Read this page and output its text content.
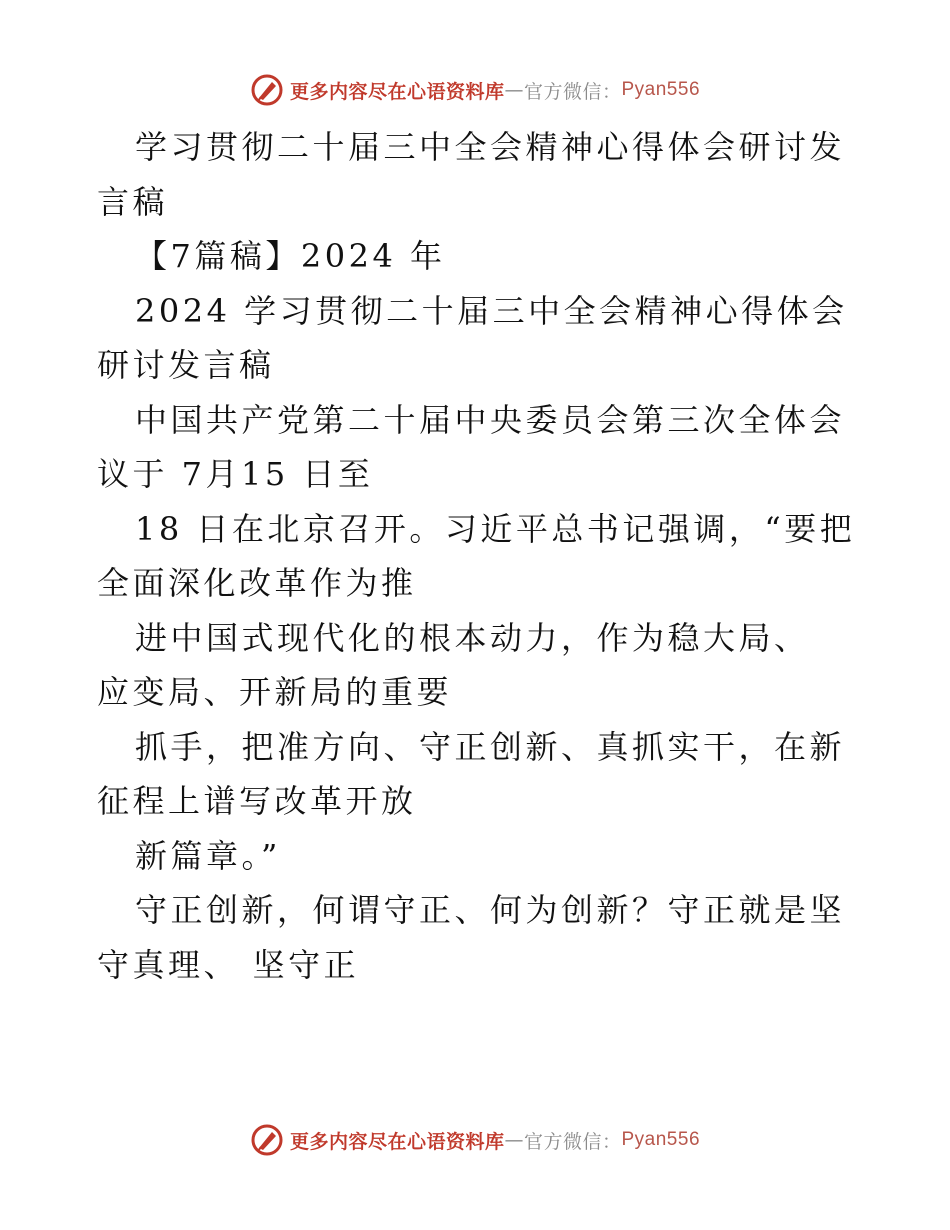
更多内容尽在心语资料库 — 官方微信： Pyan556

学习贯彻二十届三中全会精神心得体会研讨发言稿

【7篇稿】2024 年

2024 学习贯彻二十届三中全会精神心得体会研讨发言稿

中国共产党第二十届中央委员会第三次全体会议于 7月15 日至

18 日在北京召开。习近平总书记强调，“要把全面深化改革作为推

进中国式现代化的根本动力，作为稳大局、 应变局、开新局的重要

抓手，把准方向、守正创新、真抓实干，在新征程上谱写改革开放

新篇章。”

守正创新，何谓守正、何为创新？守正就是坚守真理、 坚守正

更多内容尽在心语资料库 — 官方微信： Pyan556
